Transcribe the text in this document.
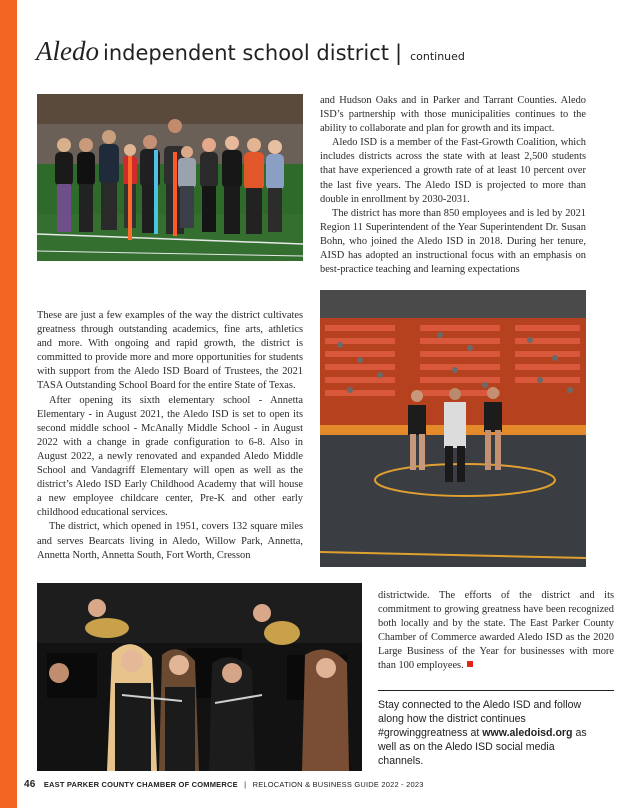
Aledo independent school district | continued

and Hudson Oaks and in Parker and Tarrant Counties. Aledo ISD’s partnership with those municipalities continues to the ability to collaborate and plan for growth and its impact.

Aledo ISD is a member of the Fast-Growth Coalition, which includes districts across the state with at least 2,500 students that have experienced a growth rate of at least 10 percent over the last five years. The Aledo ISD is projected to more than double in enrollment by 2030-2031.

The district has more than 850 employees and is led by 2021 Region 11 Superintendent of the Year Superintendent Dr. Susan Bohn, who joined the Aledo ISD in 2018. During her tenure, AISD has adopted an instructional focus with an emphasis on best-practice teaching and learning expectations

These are just a few examples of the way the district cultivates greatness through outstanding academics, fine arts, athletics and more. With ongoing and rapid growth, the district is committed to provide more and more opportunities for students with support from the Aledo ISD Board of Trustees, the 2021 TASA Outstanding School Board for the entire State of Texas.

After opening its sixth elementary school - Annetta Elementary - in August 2021, the Aledo ISD is set to open its second middle school - McAnally Middle School - in August 2022 with a change in grade configuration to 6-8. Also in August 2022, a newly renovated and expanded Aledo Middle School and Vandagriff Elementary will open as well as the district’s Aledo ISD Early Childhood Academy that will house a new employee childcare center, Pre-K and other early childhood educational services.

The district, which opened in 1951, covers 132 square miles and serves Bearcats living in Aledo, Willow Park, Annetta, Annetta North, Annetta South, Fort Worth, Cresson

districtwide. The efforts of the district and its commitment to growing greatness have been recognized both locally and by the state. The East Parker County Chamber of Commerce awarded Aledo ISD as the 2020 Large Business of the Year for businesses with more than 100 employees.

Stay connected to the Aledo ISD and follow along how the district continues #growinggreatness at www.aledoisd.org as well as on the Aledo ISD social media channels.
46 EAST PARKER COUNTY CHAMBER OF COMMERCE | RELOCATION & BUSINESS GUIDE 2022 - 2023
